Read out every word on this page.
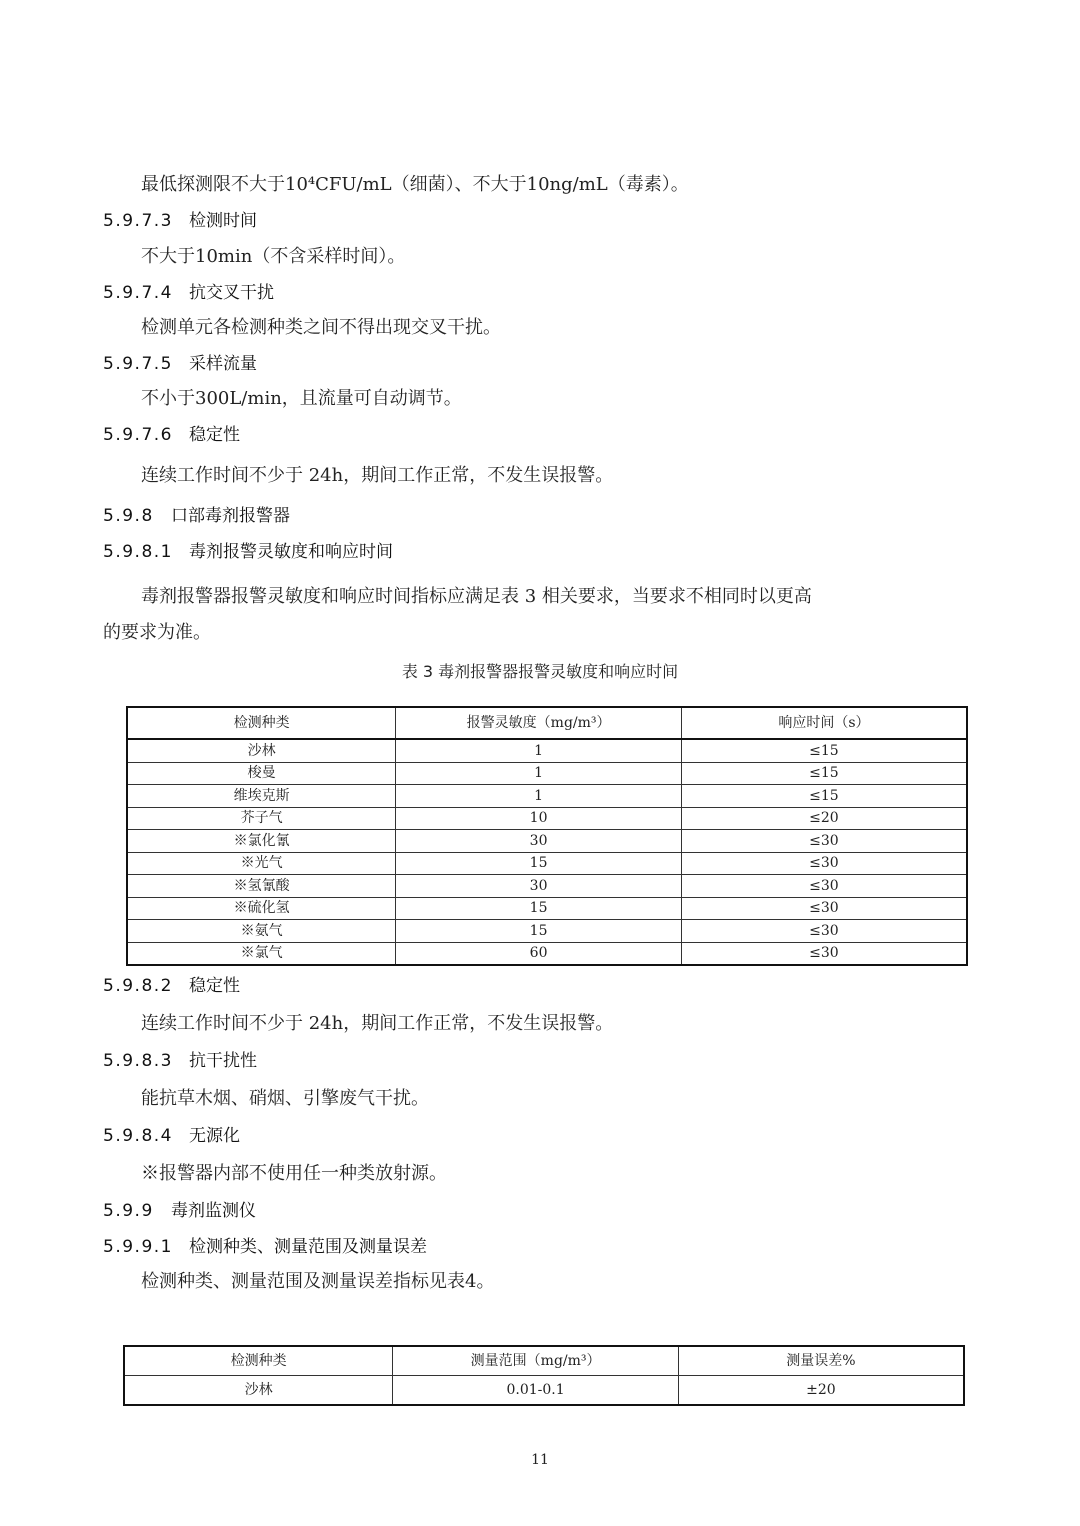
最低探测限不大于10⁴CFU/mL（细菌）、不大于10ng/mL（毒素）。
5.9.7.3 检测时间
不大于10min（不含采样时间）。
5.9.7.4 抗交叉干扰
检测单元各检测种类之间不得出现交叉干扰。
5.9.7.5 采样流量
不小于300L/min，且流量可自动调节。
5.9.7.6 稳定性
连续工作时间不少于 24h，期间工作正常，不发生误报警。
5.9.8 口部毒剂报警器
5.9.8.1 毒剂报警灵敏度和响应时间
毒剂报警器报警灵敏度和响应时间指标应满足表 3 相关要求，当要求不相同时以更高
的要求为准。
表 3 毒剂报警器报警灵敏度和响应时间
检测种类	报警灵敏度（mg/m³）	响应时间（s）
沙林	1	≤15
梭曼	1	≤15
维埃克斯	1	≤15
芥子气	10	≤20
※氯化氰	30	≤30
※光气	15	≤30
※氢氰酸	30	≤30
※硫化氢	15	≤30
※氨气	15	≤30
※氯气	60	≤30
5.9.8.2 稳定性
连续工作时间不少于 24h，期间工作正常，不发生误报警。
5.9.8.3 抗干扰性
能抗草木烟、硝烟、引擎废气干扰。
5.9.8.4 无源化
※报警器内部不使用任一种类放射源。
5.9.9 毒剂监测仪
5.9.9.1 检测种类、测量范围及测量误差
检测种类、测量范围及测量误差指标见表4。
检测种类	测量范围（mg/m³）	测量误差%
沙林	0.01-0.1	±20
11
